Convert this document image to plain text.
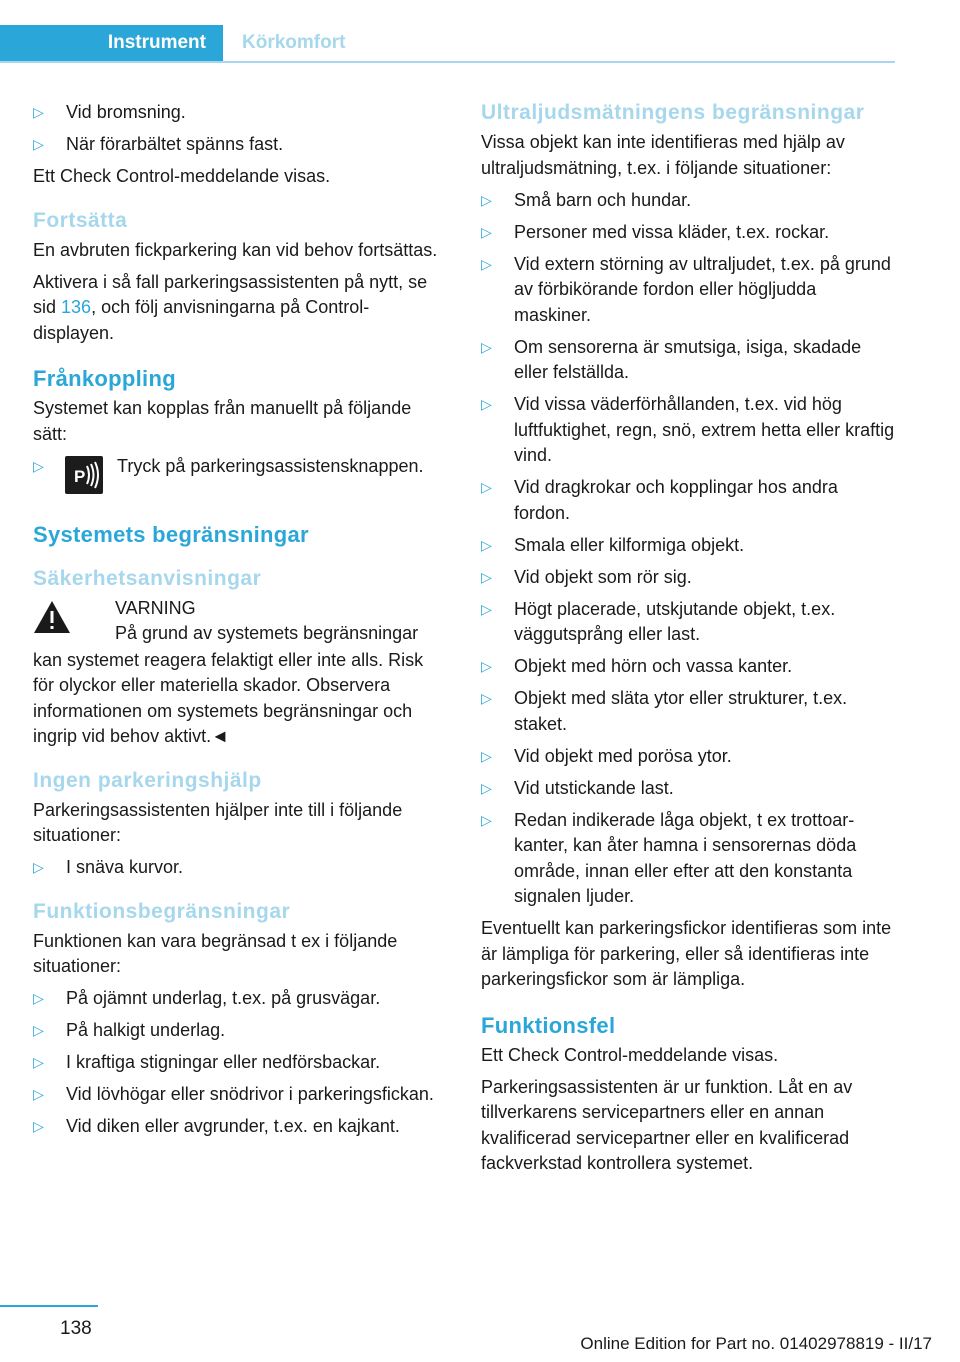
Instrument Körkomfort
▷ Vid bromsning.
▷ När förarbältet spänns fast.

Ett Check Control-meddelande visas.

Fortsätta

En avbruten fickparkering kan vid behov fortsättas.

Aktivera i så fall parkeringsassistenten på nytt, se sid 136, och följ anvisningarna på Control-displayen.

Frånkoppling

Systemet kan kopplas från manuellt på följande sätt:

▷
P
Tryck på parkeringsassistensknappen.
Systemets begränsningar
Säkerhetsanvisningar
VARNING
På grund av systemets begränsningar

kan systemet reagera felaktigt eller inte alls. Risk för olyckor eller materiella skador. Observera informationen om systemets begränsningar och ingrip vid behov aktivt.◄

Ingen parkeringshjälp

Parkeringsassistenten hjälper inte till i följande situationer:

▷ I snäva kurvor.
Funktionsbegränsningar

Funktionen kan vara begränsad t ex i följande situationer:

▷ På ojämnt underlag, t.ex. på grusvägar.
▷ På halkigt underlag.
▷ I kraftiga stigningar eller nedförsbackar.
▷ Vid lövhögar eller snödrivor i parkeringsfickan.
▷ Vid diken eller avgrunder, t.ex. en kajkant.
Ultraljudsmätningens begränsningar

Vissa objekt kan inte identifieras med hjälp av ultraljudsmätning, t.ex. i följande situationer:

▷ Små barn och hundar.
▷ Personer med vissa kläder, t.ex. rockar.
▷ Vid extern störning av ultraljudet, t.ex. på grund av förbikörande fordon eller högljudda maskiner.
▷ Om sensorerna är smutsiga, isiga, skadade eller felställda.
▷ Vid vissa väderförhållanden, t.ex. vid hög luftfuktighet, regn, snö, extrem hetta eller kraftig vind.
▷ Vid dragkrokar och kopplingar hos andra fordon.
▷ Smala eller kilformiga objekt.
▷ Vid objekt som rör sig.
▷ Högt placerade, utskjutande objekt, t.ex. väggutsprång eller last.
▷ Objekt med hörn och vassa kanter.
▷ Objekt med släta ytor eller strukturer, t.ex. staket.
▷ Vid objekt med porösa ytor.
▷ Vid utstickande last.
▷ Redan indikerade låga objekt, t ex trottoarkanter, kan åter hamna i sensorernas döda område, innan eller efter att den konstanta signalen ljuder.

Eventuellt kan parkeringsfickor identifieras som inte är lämpliga för parkering, eller så identifieras inte parkeringsfickor som är lämpliga.

Funktionsfel

Ett Check Control-meddelande visas.

Parkeringsassistenten är ur funktion. Låt en av tillverkarens servicepartners eller en annan kvalificerad servicepartner eller en kvalificerad fackverkstad kontrollera systemet.

138
Online Edition for Part no. 01402978819 - II/17
